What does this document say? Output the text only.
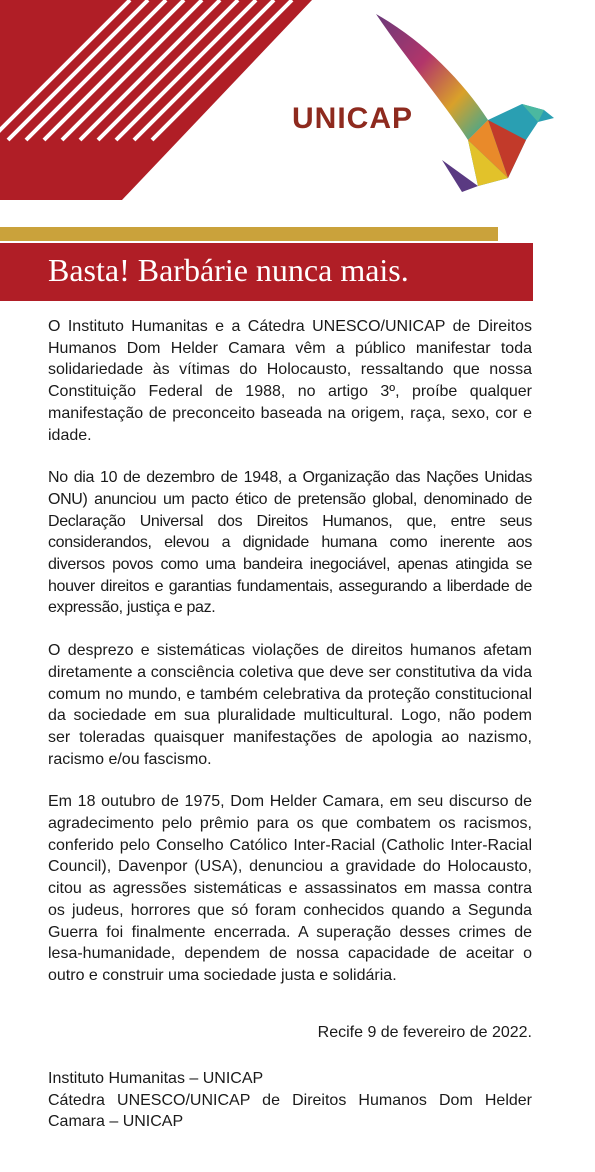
UNICAP
Basta! Barbárie nunca mais.

O Instituto Humanitas e a Cátedra UNESCO/UNICAP de Direitos Humanos Dom Helder Camara vêm a público manifestar toda solidariedade às vítimas do Holocausto, ressaltando que nossa Constituição Federal de 1988, no artigo 3º, proíbe qualquer manifestação de preconceito baseada na origem, raça, sexo, cor e idade.

No dia 10 de dezembro de 1948, a Organização das Nações Unidas ONU) anunciou um pacto ético de pretensão global, denominado de Declaração Universal dos Direitos Humanos, que, entre seus considerandos, elevou a dignidade humana como inerente aos diversos povos como uma bandeira inegociável, apenas atingida se houver direitos e garantias fundamentais, assegurando a liberdade de expressão, justiça e paz.

O desprezo e sistemáticas violações de direitos humanos afetam diretamente a consciência coletiva que deve ser constitutiva da vida comum no mundo, e também celebrativa da proteção constitucional da sociedade em sua pluralidade multicultural. Logo, não podem ser toleradas quaisquer manifestações de apologia ao nazismo, racismo e/ou fascismo.

Em 18 outubro de 1975, Dom Helder Camara, em seu discurso de agradecimento pelo prêmio para os que combatem os racismos, conferido pelo Conselho Católico Inter-Racial (Catholic Inter-Racial Council), Davenpor (USA), denunciou a gravidade do Holocausto, citou as agressões sistemáticas e assassinatos em massa contra os judeus, horrores que só foram conhecidos quando a Segunda Guerra foi finalmente encerrada. A superação desses crimes de lesa-humanidade, dependem de nossa capacidade de aceitar o outro e construir uma sociedade justa e solidária.

Recife 9 de fevereiro de 2022.
Instituto Humanitas – UNICAP
Cátedra UNESCO/UNICAP de Direitos Humanos Dom Helder Camara – UNICAP
